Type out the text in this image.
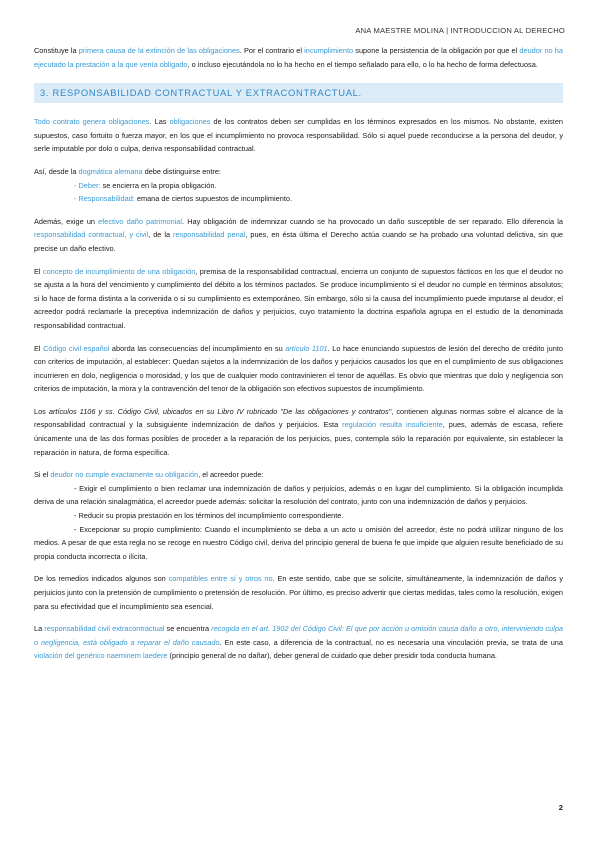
ANA MAESTRE MOLINA | INTRODUCCION AL DERECHO

Constituye la primera causa de la extinción de las obligaciones. Por el contrario el incumplimiento supone la persistencia de la obligación por que el deudor no ha ejecutado la prestación a la que venía obligado, o incluso ejecutándola no lo ha hecho en el tiempo señalado para ello, o lo ha hecho de forma defectuosa.

3. RESPONSABILIDAD CONTRACTUAL Y EXTRACONTRACTUAL.

Todo contrato genera obligaciones. Las obligaciones de los contratos deben ser cumplidas en los términos expresados en los mismos. No obstante, existen supuestos, caso fortuito o fuerza mayor, en los que el incumplimiento no provoca responsabilidad. Sólo si aquel puede reconducirse a la persona del deudor, y serle imputable por dolo o culpa, deriva responsabilidad contractual.

Así, desde la dogmática alemana debe distinguirse entre:
- Deber: se encierra en la propia obligación.
- Responsabilidad: emana de ciertos supuestos de incumplimiento.

Además, exige un efectivo daño patrimonial. Hay obligación de indemnizar cuando se ha provocado un daño susceptible de ser reparado. Ello diferencia la responsabilidad contractual, y civil, de la responsabilidad penal, pues, en ésta última el Derecho actúa cuando se ha probado una voluntad delictiva, sin que precise un daño efectivo.

El concepto de incumplimiento de una obligación, premisa de la responsabilidad contractual, encierra un conjunto de supuestos fácticos en los que el deudor no se ajusta a la hora del vencimiento y cumplimiento del débito a los términos pactados. Se produce incumplimiento si el deudor no cumple en términos absolutos; si lo hace de forma distinta a la convenida o si su cumplimiento es extemporáneo. Sin embargo, sólo si la causa del incumplimiento puede imputarse al deudor, el acreedor podrá reclamarle la preceptiva indemnización de daños y perjuicios, cuyo tratamiento la doctrina española agrupa en el estudio de la denominada responsabilidad contractual.

El Código civil español aborda las consecuencias del incumplimiento en su artículo 1101. Lo hace enunciando supuestos de lesión del derecho de crédito junto con criterios de imputación, al establecer: Quedan sujetos a la indemnización de los daños y perjuicios causados los que en el cumplimiento de sus obligaciones incurrieren en dolo, negligencia o morosidad, y los que de cualquier modo contravinieren el tenor de aquéllas. Es obvio que mientras que dolo y negligencia son criterios de imputación, la mora y la contravención del tenor de la obligación son efectivos supuestos de incumplimiento.

Los artículos 1106 y ss. Código Civil, ubicados en su Libro IV rubricado "De las obligaciones y contratos", contienen algunas normas sobre el alcance de la responsabilidad contractual y la subsiguiente indemnización de daños y perjuicios. Esta regulación resulta insuficiente, pues, además de escasa, refiere únicamente una de las dos formas posibles de proceder a la reparación de los perjuicios, pues, contempla sólo la reparación por equivalente, sin establecer la reparación in natura, de forma específica.

Si el deudor no cumple exactamente su obligación, el acreedor puede:
- Exigir el cumplimiento o bien reclamar una indemnización de daños y perjuicios, además o en lugar del cumplimiento. Si la obligación incumplida deriva de una relación sinalagmática, el acreedor puede además: solicitar la resolución del contrato, junto con una indemnización de daños y perjuicios.
- Reducir su propia prestación en los términos del incumplimiento correspondiente.
- Excepcionar su propio cumplimiento: Cuando el incumplimiento se deba a un acto u omisión del acreedor, éste no podrá utilizar ninguno de los medios. A pesar de que esta regla no se recoge en nuestro Código civil, deriva del principio general de buena fe que impide que alguien resulte beneficiado de su propia conducta incorrecta o ilícita.

De los remedios indicados algunos son compatibles entre sí y otros no. En este sentido, cabe que se solicite, simultáneamente, la indemnización de daños y perjuicios junto con la pretensión de cumplimiento o pretensión de resolución. Por último, es preciso advertir que ciertas medidas, tales como la resolución, exigen para su efectividad que el incumplimiento sea esencial.

La responsabilidad civil extracontractual se encuentra recogida en el art. 1902 del Código Civil: El que por acción u omisión causa daño a otro, interviniendo culpa o negligencia, está obligado a reparar el daño causado. En este caso, a diferencia de la contractual, no es necesaria una vinculación previa, se trata de una violación del genérico naeminem laedere (principio general de no dañar), deber general de cuidado que deber presidir toda conducta humana.

2
